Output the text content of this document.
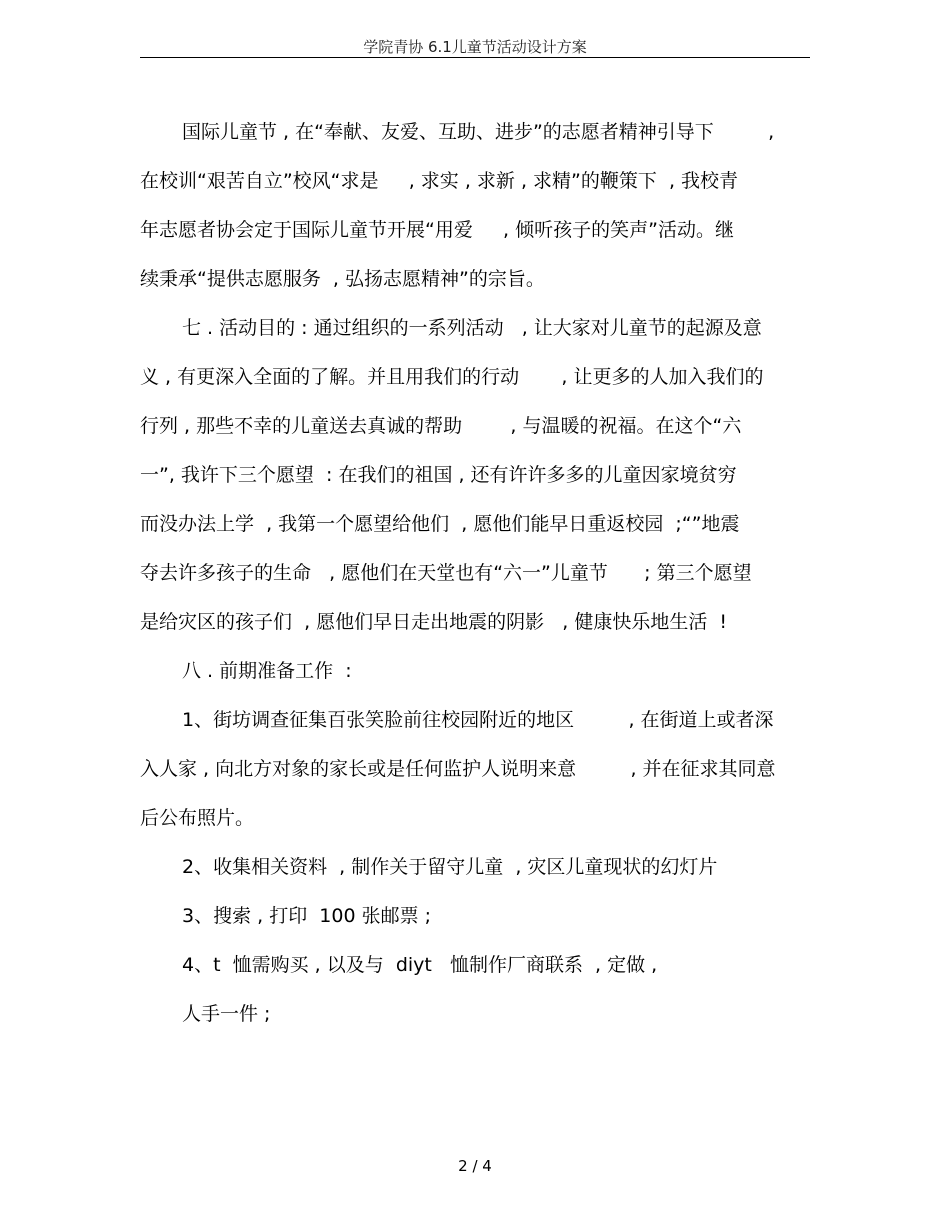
学院青协 6.1儿童节活动设计方案
国际儿童节 , 在“奉献、友爱、互助、进步”的志愿者精神引导下         ,
在校训“艰苦自立”校风“求是     , 求实 , 求新 , 求精”的鞭策下  , 我校青
年志愿者协会定于国际儿童节开展“用爱     , 倾听孩子的笑声”活动。继
续秉承“提供志愿服务  , 弘扬志愿精神”的宗旨。
七 . 活动目的 : 通过组织的一系列活动   , 让大家对儿童节的起源及意
义 , 有更深入全面的了解。并且用我们的行动       , 让更多的人加入我们的
行列 , 那些不幸的儿童送去真诚的帮助        , 与温暖的祝福。在这个“六
一”, 我许下三个愿望  : 在我们的祖国 , 还有许许多多的儿童因家境贫穷
而没办法上学  , 我第一个愿望给他们  , 愿他们能早日重返校园  ;“”地震
夺去许多孩子的生命   , 愿他们在天堂也有“六一”儿童节      ; 第三个愿望
是给灾区的孩子们  , 愿他们早日走出地震的阴影   , 健康快乐地生活  !
八 . 前期准备工作  :
1、街坊调查征集百张笑脸前往校园附近的地区         , 在街道上或者深
入人家 , 向北方对象的家长或是任何监护人说明来意         , 并在征求其同意
后公布照片。
2、收集相关资料  , 制作关于留守儿童  , 灾区儿童现状的幻灯片
3、搜索 , 打印  100 张邮票 ;
4、t  恤需购买 , 以及与  diyt   恤制作厂商联系  , 定做 ,
人手一件 ;
2 / 4
